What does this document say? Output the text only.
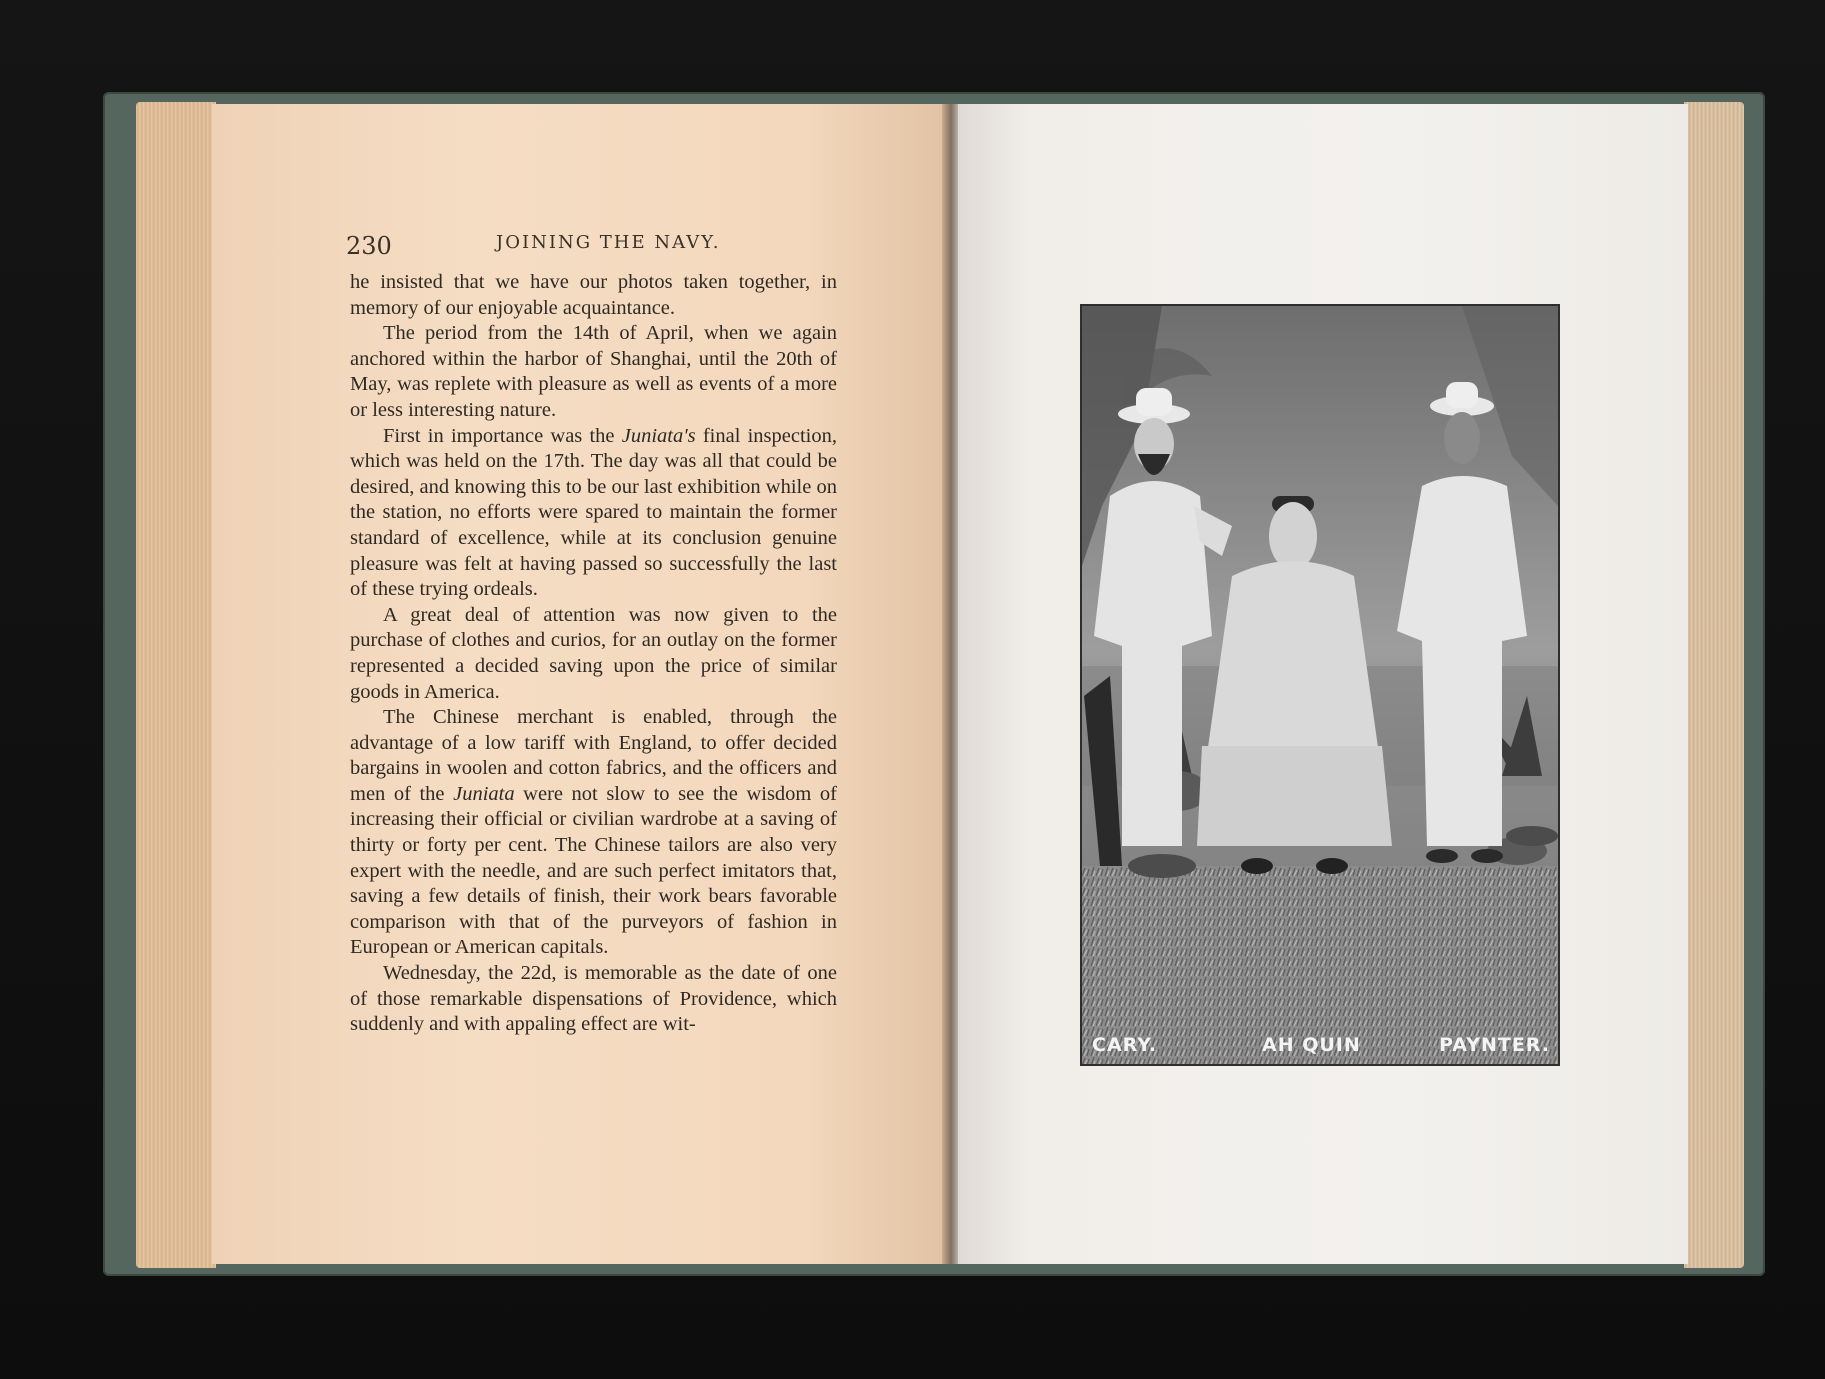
230	JOINING THE NAVY.

he insisted that we have our photos taken together, in memory of our enjoyable acquaintance.

The period from the 14th of April, when we again anchored within the harbor of Shanghai, until the 20th of May, was replete with pleasure as well as events of a more or less interesting nature.

First in importance was the Juniata's final inspection, which was held on the 17th. The day was all that could be desired, and knowing this to be our last exhibition while on the station, no efforts were spared to maintain the former standard of excellence, while at its conclusion genuine pleasure was felt at having passed so successfully the last of these trying ordeals.

A great deal of attention was now given to the purchase of clothes and curios, for an outlay on the former represented a decided saving upon the price of similar goods in America.

The Chinese merchant is enabled, through the advantage of a low tariff with England, to offer decided bargains in woolen and cotton fabrics, and the officers and men of the Juniata were not slow to see the wisdom of increasing their official or civilian wardrobe at a saving of thirty or forty per cent. The Chinese tailors are also very expert with the needle, and are such perfect imitators that, saving a few details of finish, their work bears favorable comparison with that of the purveyors of fashion in European or American capitals.

Wednesday, the 22d, is memorable as the date of one of those remarkable dispensations of Providence, which suddenly and with appaling effect are wit-

CARY.	AH QUIN	PAYNTER.
